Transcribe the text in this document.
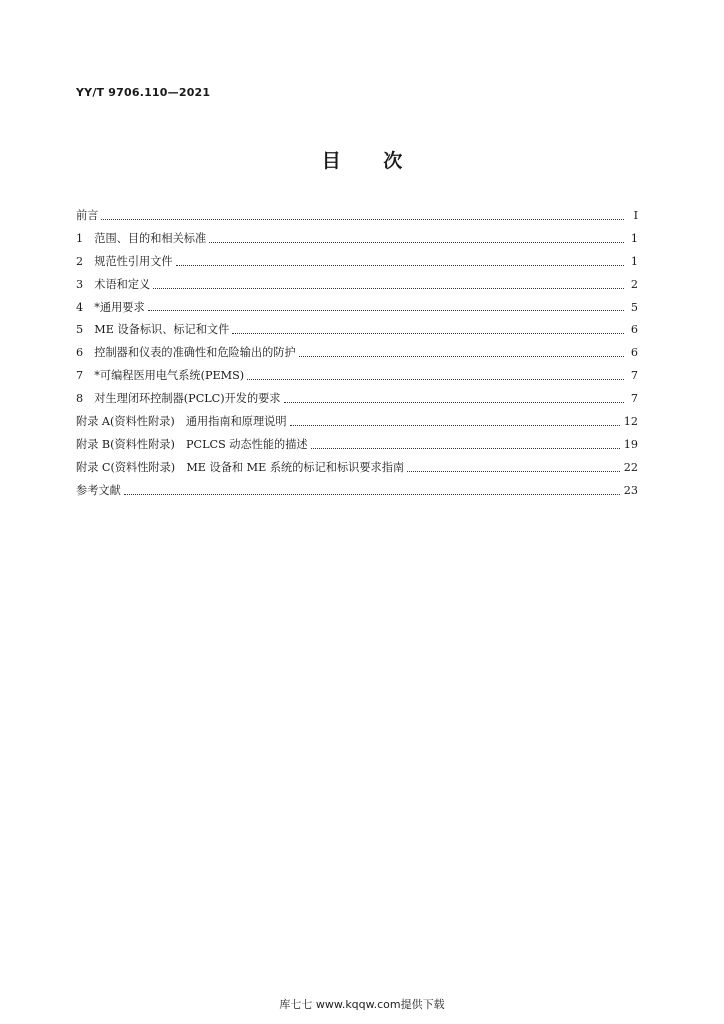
YY/T 9706.110—2021
目 次
前言	Ⅰ
1　范围、目的和相关标准	1
2　规范性引用文件	1
3　术语和定义	2
4　*通用要求	5
5　ME 设备标识、标记和文件	6
6　控制器和仪表的准确性和危险输出的防护	6
7　*可编程医用电气系统(PEMS)	7
8　对生理闭环控制器(PCLC)开发的要求	7
附录 A(资料性附录)　通用指南和原理说明	12
附录 B(资料性附录)　PCLCS 动态性能的描述	19
附录 C(资料性附录)　ME 设备和 ME 系统的标记和标识要求指南	22
参考文献	23
库七七 www.kqqw.com提供下载
